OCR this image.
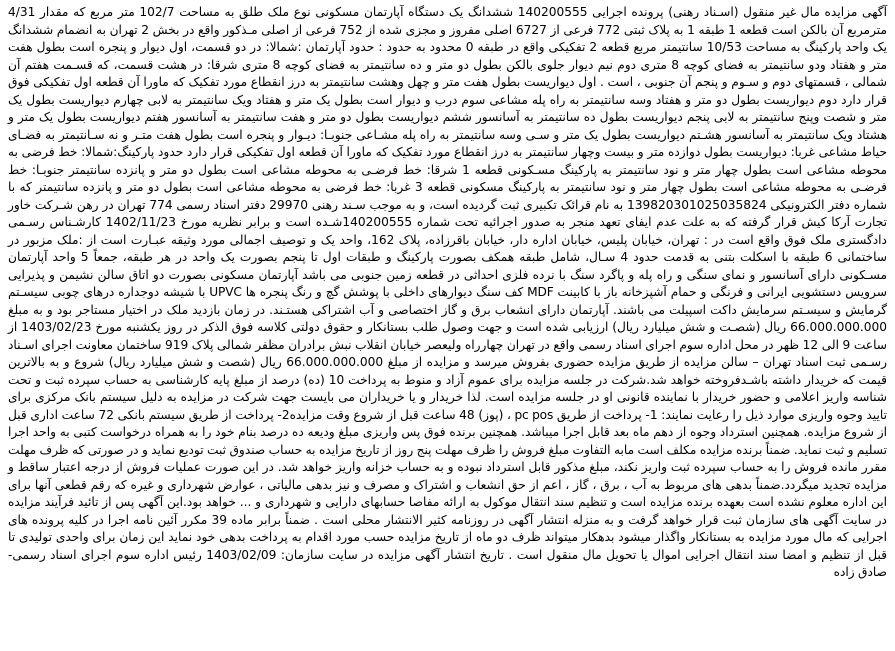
آگهی مزایده مال غیر منقول (اسـناد رهنی) پرونده اجرایی 140200555 ششدانگ یک دستگاه آپارتمان مسکونی نوع ملک طلق به مساحت 102/7 متر مربع که مقدار 4/31 مترمربع آن بالکن است قطعه 1 طبقه 1 به پلاک ثبتی 772 فرعی از 6727 اصلی مفروز و مجزی شده از 752 فرعی از اصلی مـذکور واقع در بخش 2 تهران به انضمام ششدانگ یک واحد پارکینگ به مساحت 10/53 سانتیمتر مربع قطعه 2 تفکیکی واقع در طبقه 0 محدود به حدود : حدود آپارتمان :شمالا: در دو قسمت، اول دیوار و پنجره است بطول هفت متر و هفتاد ودو سانتیمتر به فضای کوچه 8 متری دوم نیم دیوار جلوی بالکن بطول دو متر و ده سانتیمتر به فضای کوچه 8 متری شرقا: در هشت قسمت، که قسـمت هفتم آن شمالی ، قسمتهای دوم و سـوم و پنجم آن جنوبی ، است . اول دیواریست بطول هفت متر و چهل وهشت سانتیمتر به درز انقطاع مورد تفکیک که ماورا آن قطعه اول تفکیکی فوق قرار دارد دوم دیواریست بطول دو متر و هفتاد وسه سانتیمتر به راه پله مشاعی سوم درب و دیوار است بطول یک متر و هفتاد ویک سانتیمتر به لابی چهارم دیواریست بطول یک متر و شصت وپنج سانتیمتر به لابی پنجم دیواریست بطول ده سانتیمتر به آسانسور ششم دیواریست بطول دو متر و هفت سانتیمتر به آسانسور هفتم دیواریست بطول یک متر و هشتاد ویک سانتیمتر به آسانسور هشـتم دیواریست بطول یک متر و سـی وسه سانتیمتر به راه پله مشـاعی جنوبـا: دیـوار و پنجره است بطول هفت متـر و نه سـانتیمتر به فضـای حیاط مشاعی غربا: دیواریست بطول دوازده متر و بیست وچهار سانتیمتر به درز انقطاع مورد تفکیک که ماورا آن قطعه اول تفکیکی قرار دارد حدود پارکینگ:شمالا: خط فرضی به محوطه مشاعی است بطول چهار متر و نود سانتیمتر به پارکینگ مسـکونی قطعه 1 شرقا: خط فرضـی به محوطه مشاعی است بطول دو متر و پانزده سانتیمتر جنوبـا: خط فرضـی به محوطه مشاعی است بطول چهار متر و نود سانتیمتر به پارکینگ مسکونی قطعه 3 غربا: خط فرضی به محوطه مشاعی است بطول دو متر و پانزده سانتیمتر که با شماره دفتر الکترونیکی 139820301025035824 به نام قرائک تکبیری ثبت گردیده است، و به موجب سـند رهنی 29970 دفتر اسناد رسمی 774 تهران در رهن شـرکت خاور تجارت آرکا کیش قرار گرفته که به علت عدم ایفای تعهد منجر به صدور اجرائیه تحت شماره 140200555شـده است و برابر نظریه مورخ 1402/11/23 کارشـناس رسـمی دادگستری ملک فوق واقع است در : تهران، خیابان پلیس، خیابان اداره دار، خیابان باقرزاده، پلاک 162، واحد یک و توصیف اجمالی مورد وثیقه عبـارت است از :ملک مزبور در ساختمانی 6 طبقه با اسکلت بتنی به قدمت حدود 4 سـال، شامل طبقه همکف بصورت پارکینگ و طبقات اول تا پنجم بصورت یک واحد در هر طبقه، جمعاً 5 واحد آپارتمان مسـکونی دارای آسانسور و نمای سنگی و راه پله و پاگرد سنگ با نرده فلزی احداثی در قطعه زمین جنوبی می باشد آپارتمان مسکونی بصورت دو اتاق سالن نشیمن و پذیرایی سرویس دستشویی ایرانی و فرنگی و حمام آشپزخانه باز با کابینت MDF کف سنگ دیوارهای داخلی با پوشش گچ و رنگ پنجره ها UPVC با شیشه دوجداره درهای چوبی سیسـتم گرمایش و سیسـتم سرمایش داکت اسپیلت می باشند. آپارتمان دارای انشعاب برق و گاز اختصاصی و آب اشتراکی هستـند. در زمان بازدید ملک در اختیار مستاجر بود و به مبلغ 66.000.000.000 ریال (شصـت و شش میلیارد ریال) ارزیابی شده است و جهت وصول طلب بستانکار و حقوق دولتی کلاسه فوق الذکر در روز یکشنبه مورخ 1403/02/23 از ساعت 9 الی 12 ظهر در محل اداره سوم اجرای اسناد رسمی واقع در تهران چهارراه ولیعصر خیابان انقلاب نبش برادران مظفر شمالی پلاک 919 ساختمان معاونت اجرای اسـناد رسـمی ثبت اسناد تهران – سالن مزایده از طریق مزایده حضوری بفروش میرسد و مزایده از مبلغ 66.000.000.000 ریال (شصت و شش میلیارد ریال) شروع و به بالاترین قیمت که خریدار داشته باشـدفروخته خواهد شد.شرکت در جلسه مزایده برای عموم آزاد و منوط به پرداخت 10 (ده) درصد از مبلغ پایه کارشناسی به حساب سپرده ثبت و تحت شناسه واریز اعلامی و حضور خریدار با نماینده قانونی او در جلسه مزایده است. لذا خریدار و یا خریداران می بایست جهت شرکت در مزایده به دلیل سیستم بانک مرکزی برای تایید وجوه واریزی موارد ذیل را رعایت نمایند: 1- پرداخت از طریق pc pos ، (پوز) 48 ساعت قبل از شروع وقت مزایده2- پرداخت از طریق سیستم بانکی 72 ساعت اداری قبل از شروع مزایده. همچنین استرداد وجوه از دهم ماه بعد قابل اجرا میباشد. همچنین برنده فوق پس واریزی مبلغ ودیعه ده درصد بنام خود را به همراه درخواست کتبی به واحد اجرا تسلیم و ثبت نماید. ضمناً برنده مزایده مکلف است مابه التفاوت مبلغ فروش را ظرف مهلت پنج روز از تاریخ مزایده به حساب صندوق ثبت تودیع نماید و در صورتی که ظرف مهلت مقرر مانده فروش را به حساب سپرده ثبت واریز نکند، مبلغ مذکور قابل استرداد نبوده و به حساب خزانه واریز خواهد شد. در این صورت عملیات فروش از درجه اعتبار ساقط و مزایده تجدید میگردد.ضمناً بدهی های مربوط به آب ، برق ، گاز ، اعم از حق انشعاب و اشتراک و مصرف و نیز بدهی مالیاتی ، عوارض شهرداری و غیره که رقم قطعی آنها برای این اداره معلوم نشده است بعهده برنده مزایده است و تنظیم سند انتقال موکول به ارائه مفاصا حسابهای دارایی و شهرداری و ... خواهد بود.این آگهی پس از تائید فرآیند مزایده در سایت آگهی های سازمان ثبت قرار خواهد گرفت و به منزله انتشار آگهی در روزنامه کثیر الانتشار محلی است . ضمناً برابر ماده 39 مکرر آئین نامه اجرا در کلیه پرونده های اجرایی که مال مورد مزایده به بستانکار واگذار میشود بدهکار میتواند ظرف دو ماه از تاریخ مزایده حسب مورد اقدام به پرداخت بدهی خود نماید این زمان برای واحدی تولیدی تا قبل از تنظیم و امضا سند انتقال اجرایی اموال یا تحویل مال منقول است . تاریخ انتشار آگهی مزایده در سایت سازمان: 1403/02/09 رئیس اداره سوم اجرای اسناد رسمی- صادق زاده
